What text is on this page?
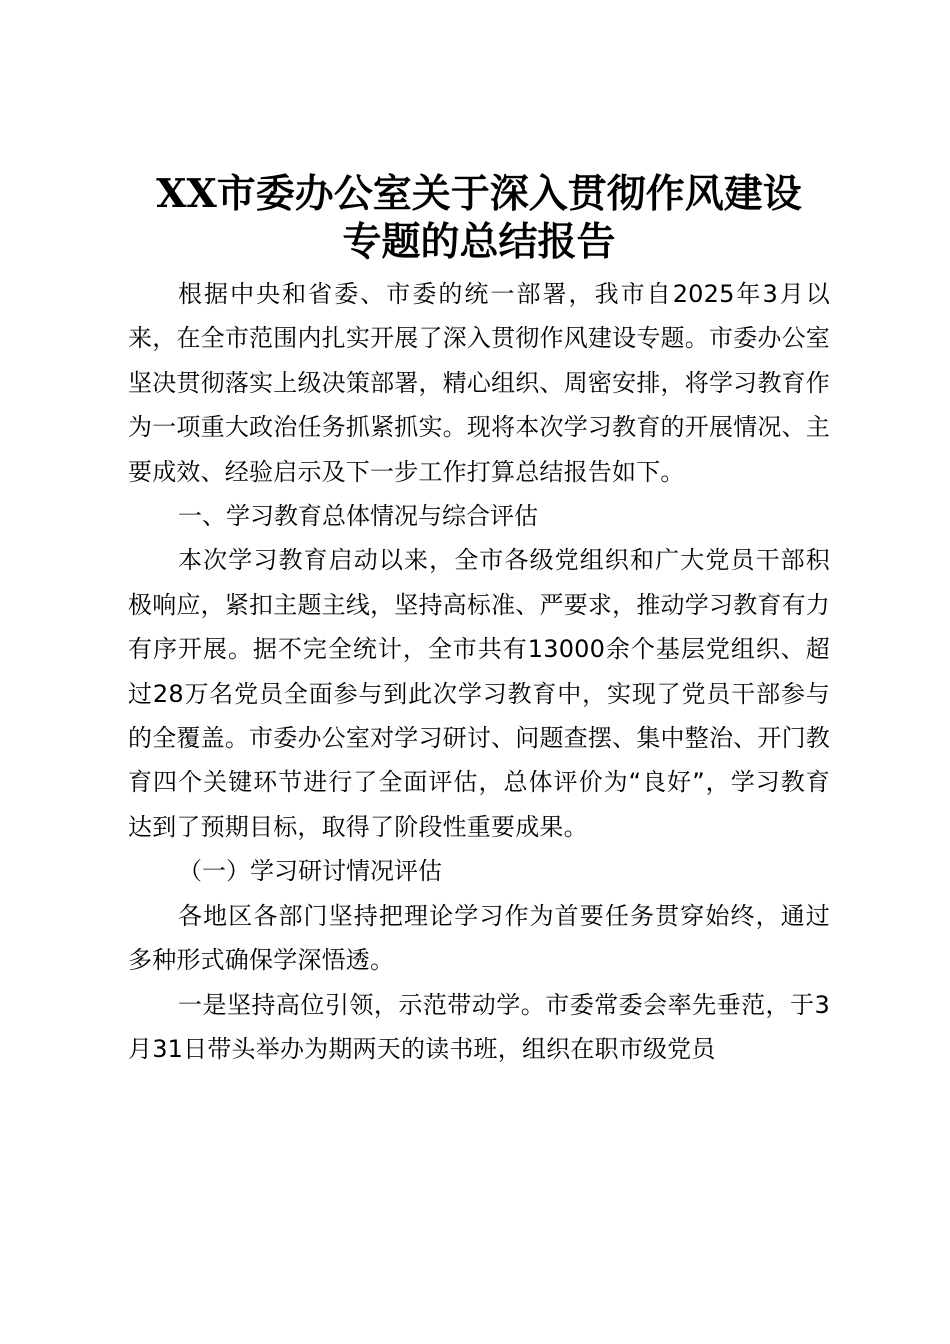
XX市委办公室关于深入贯彻作风建设
专题的总结报告

根据中央和省委、市委的统一部署，我市自2025年3月以来，在全市范围内扎实开展了深入贯彻作风建设专题。市委办公室坚决贯彻落实上级决策部署，精心组织、周密安排，将学习教育作为一项重大政治任务抓紧抓实。现将本次学习教育的开展情况、主要成效、经验启示及下一步工作打算总结报告如下。

一、学习教育总体情况与综合评估

本次学习教育启动以来，全市各级党组织和广大党员干部积极响应，紧扣主题主线，坚持高标准、严要求，推动学习教育有力有序开展。据不完全统计，全市共有13000余个基层党组织、超过28万名党员全面参与到此次学习教育中，实现了党员干部参与的全覆盖。市委办公室对学习研讨、问题查摆、集中整治、开门教育四个关键环节进行了全面评估，总体评价为“良好”，学习教育达到了预期目标，取得了阶段性重要成果。

（一）学习研讨情况评估

各地区各部门坚持把理论学习作为首要任务贯穿始终，通过多种形式确保学深悟透。

一是坚持高位引领，示范带动学。市委常委会率先垂范，于3月31日带头举办为期两天的读书班，组织在职市级党员
